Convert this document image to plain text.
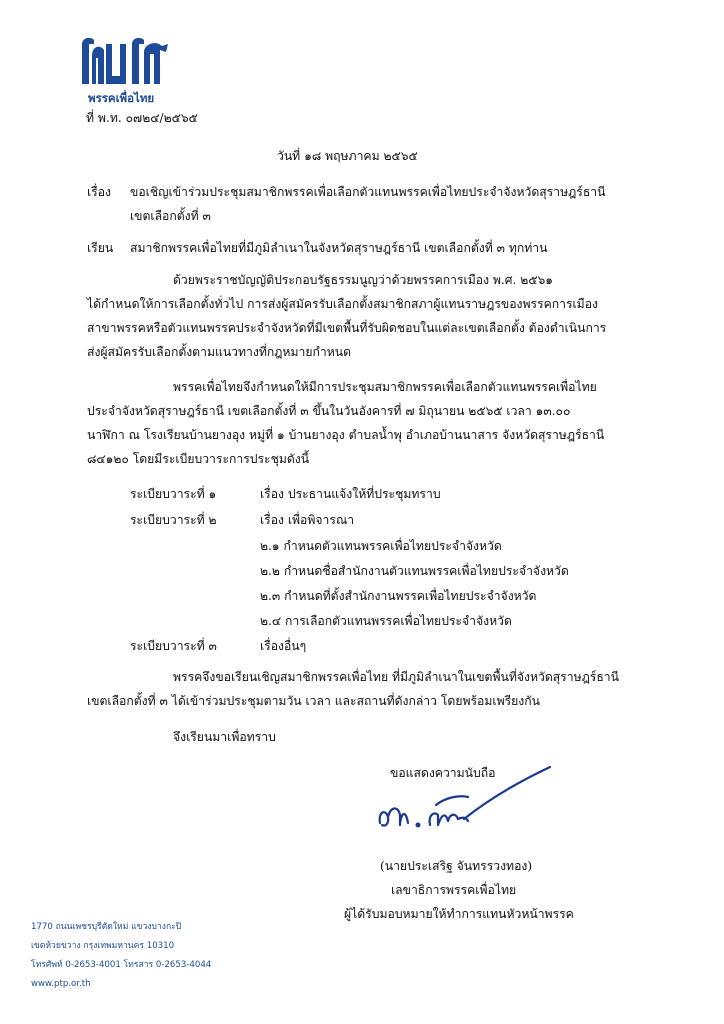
พรรคเพื่อไทย
ที่ พ.ท. ๐๗๒๔/๒๕๖๕
วันที่ ๑๘ พฤษภาคม ๒๕๖๕
เรื่อง ขอเชิญเข้าร่วมประชุมสมาชิกพรรคเพื่อเลือกตัวแทนพรรคเพื่อไทยประจำจังหวัดสุราษฎร์ธานี
เขตเลือกตั้งที่ ๓
เรียน สมาชิกพรรคเพื่อไทยที่มีภูมิลำเนาในจังหวัดสุราษฎร์ธานี เขตเลือกตั้งที่ ๓ ทุกท่าน
ด้วยพระราชบัญญัติประกอบรัฐธรรมนูญว่าด้วยพรรคการเมือง พ.ศ. ๒๕๖๑
ได้กำหนดให้การเลือกตั้งทั่วไป การส่งผู้สมัครรับเลือกตั้งสมาชิกสภาผู้แทนราษฎรของพรรคการเมือง
สาขาพรรคหรือตัวแทนพรรคประจำจังหวัดที่มีเขตพื้นที่รับผิดชอบในแต่ละเขตเลือกตั้ง ต้องดำเนินการ
ส่งผู้สมัครรับเลือกตั้งตามแนวทางที่กฎหมายกำหนด
พรรคเพื่อไทยจึงกำหนดให้มีการประชุมสมาชิกพรรคเพื่อเลือกตัวแทนพรรคเพื่อไทย
ประจำจังหวัดสุราษฎร์ธานี เขตเลือกตั้งที่ ๓ ขึ้นในวันอังคารที่ ๗ มิถุนายน ๒๕๖๕ เวลา ๑๓.๐๐
นาฬิกา ณ โรงเรียนบ้านยางอุง หมู่ที่ ๑ บ้านยางอุง ตำบลน้ำพุ อำเภอบ้านนาสาร จังหวัดสุราษฎร์ธานี
๘๔๑๒๐ โดยมีระเบียบวาระการประชุมดังนี้
ระเบียบวาระที่ ๑	เรื่อง ประธานแจ้งให้ที่ประชุมทราบ
ระเบียบวาระที่ ๒	เรื่อง เพื่อพิจารณา
๒.๑ กำหนดตัวแทนพรรคเพื่อไทยประจำจังหวัด
๒.๒ กำหนดชื่อสำนักงานตัวแทนพรรคเพื่อไทยประจำจังหวัด
๒.๓ กำหนดที่ตั้งสำนักงานพรรคเพื่อไทยประจำจังหวัด
๒.๔ การเลือกตัวแทนพรรคเพื่อไทยประจำจังหวัด
ระเบียบวาระที่ ๓	เรื่องอื่นๆ
พรรคจึงขอเรียนเชิญสมาชิกพรรคเพื่อไทย ที่มีภูมิลำเนาในเขตพื้นที่จังหวัดสุราษฎร์ธานี
เขตเลือกตั้งที่ ๓ ได้เข้าร่วมประชุมตามวัน เวลา และสถานที่ดังกล่าว โดยพร้อมเพรียงกัน
จึงเรียนมาเพื่อทราบ
ขอแสดงความนับถือ
(นายประเสริฐ จันทรรวงทอง)
เลขาธิการพรรคเพื่อไทย
ผู้ได้รับมอบหมายให้ทำการแทนหัวหน้าพรรค
1770 ถนนเพชรบุรีตัดใหม่ แขวงบางกะปิ
เขตห้วยขวาง กรุงเทพมหานคร 10310
โทรศัพท์ 0-2653-4001 โทรสาร 0-2653-4044
www.ptp.or.th
